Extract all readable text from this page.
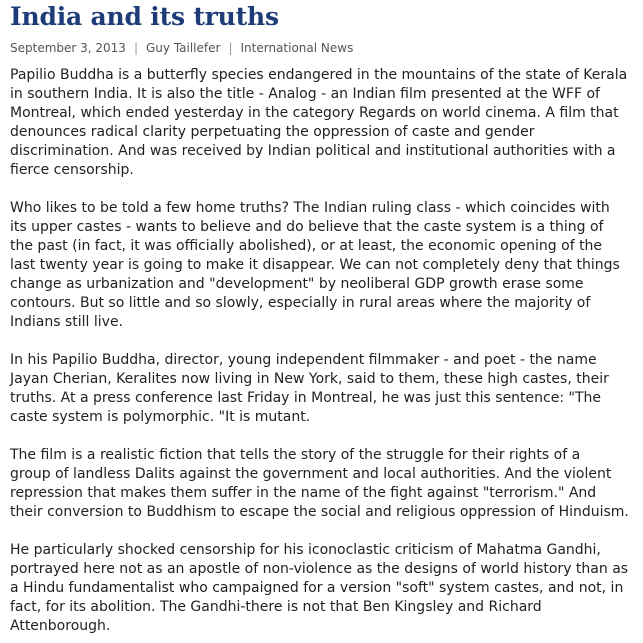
India and its truths
September 3, 2013 | Guy Taillefer | International News

Papilio Buddha is a butterfly species endangered in the mountains of the state of Kerala
in southern India. It is also the title - Analog - an Indian film presented at the WFF of
Montreal, which ended yesterday in the category Regards on world cinema. A film that
denounces radical clarity perpetuating the oppression of caste and gender
discrimination. And was received by Indian political and institutional authorities with a
fierce censorship.

Who likes to be told a few home truths? The Indian ruling class - which coincides with
its upper castes - wants to believe and do believe that the caste system is a thing of
the past (in fact, it was officially abolished), or at least, the economic opening of the
last twenty year is going to make it disappear. We can not completely deny that things
change as urbanization and "development" by neoliberal GDP growth erase some
contours. But so little and so slowly, especially in rural areas where the majority of
Indians still live.

In his Papilio Buddha, director, young independent filmmaker - and poet - the name
Jayan Cherian, Keralites now living in New York, said to them, these high castes, their
truths. At a press conference last Friday in Montreal, he was just this sentence: "The
caste system is polymorphic. "It is mutant.

The film is a realistic fiction that tells the story of the struggle for their rights of a
group of landless Dalits against the government and local authorities. And the violent
repression that makes them suffer in the name of the fight against "terrorism." And
their conversion to Buddhism to escape the social and religious oppression of Hinduism.

He particularly shocked censorship for his iconoclastic criticism of Mahatma Gandhi,
portrayed here not as an apostle of non-violence as the designs of world history than as
a Hindu fundamentalist who campaigned for a version "soft" system castes, and not, in
fact, for its abolition. The Gandhi-there is not that Ben Kingsley and Richard
Attenborough.
